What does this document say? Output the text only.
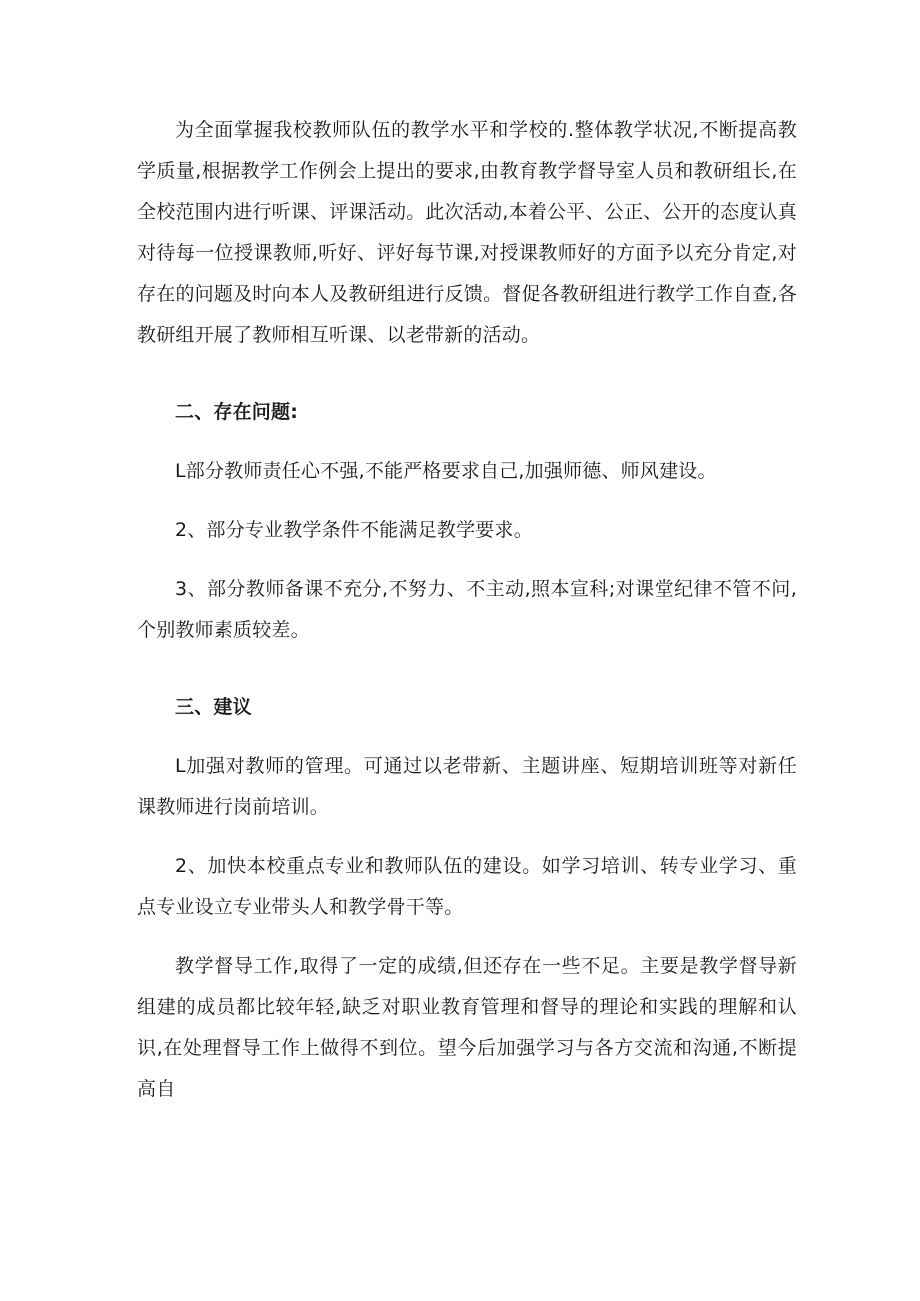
为全面掌握我校教师队伍的教学水平和学校的.整体教学状况,不断提高教学质量,根据教学工作例会上提出的要求,由教育教学督导室人员和教研组长,在全校范围内进行听课、评课活动。此次活动,本着公平、公正、公开的态度认真对待每一位授课教师,听好、评好每节课,对授课教师好的方面予以充分肯定,对存在的问题及时向本人及教研组进行反馈。督促各教研组进行教学工作自查,各教研组开展了教师相互听课、以老带新的活动。

二、存在问题:

L部分教师责任心不强,不能严格要求自己,加强师德、师风建设。

2、部分专业教学条件不能满足教学要求。

3、部分教师备课不充分,不努力、不主动,照本宣科;对课堂纪律不管不问,个别教师素质较差。

三、建议

L加强对教师的管理。可通过以老带新、主题讲座、短期培训班等对新任课教师进行岗前培训。

2、加快本校重点专业和教师队伍的建设。如学习培训、转专业学习、重点专业设立专业带头人和教学骨干等。

教学督导工作,取得了一定的成绩,但还存在一些不足。主要是教学督导新组建的成员都比较年轻,缺乏对职业教育管理和督导的理论和实践的理解和认识,在处理督导工作上做得不到位。望今后加强学习与各方交流和沟通,不断提高自
